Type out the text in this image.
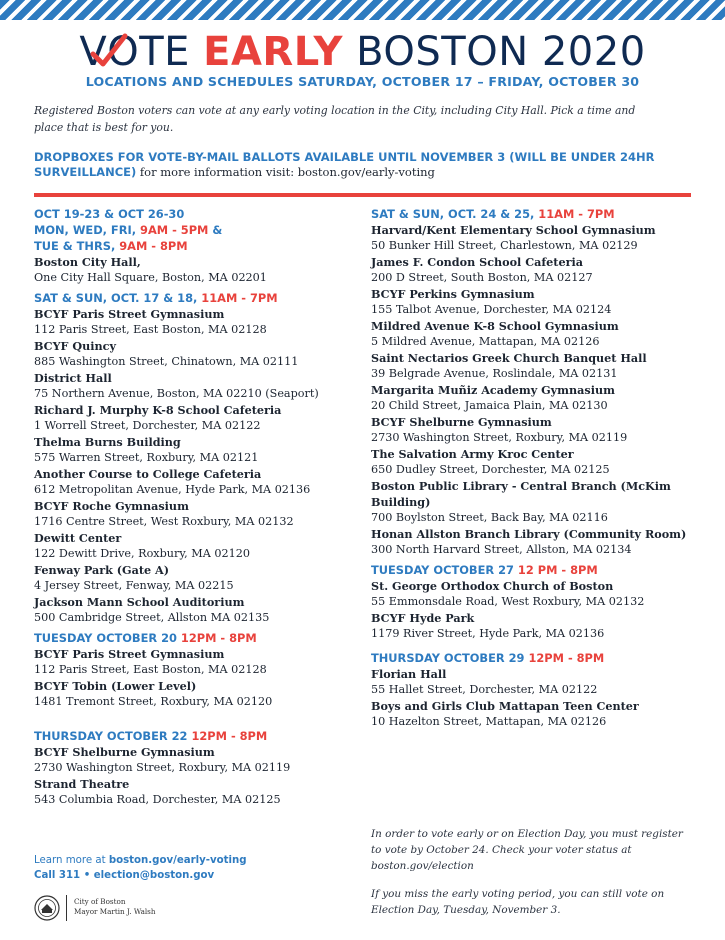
V
OTE EARLY BOSTON 2020
LOCATIONS AND SCHEDULES SATURDAY, OCTOBER 17 – FRIDAY, OCTOBER 30
Registered Boston voters can vote at any early voting location in the City, including City Hall. Pick a time and place that is best for you.
DROPBOXES FOR VOTE-BY-MAIL BALLOTS AVAILABLE UNTIL NOVEMBER 3 (WILL BE UNDER 24HR SURVEILLANCE) for more information visit: boston.gov/early-voting
OCT 19-23 & OCT 26-30
MON, WED, FRI, 9AM - 5PM &
TUE & THRS, 9AM - 8PM
Boston City Hall,
One City Hall Square, Boston, MA 02201
SAT & SUN, OCT. 17 & 18, 11AM - 7PM
BCYF Paris Street Gymnasium
112 Paris Street, East Boston, MA 02128
BCYF Quincy
885 Washington Street, Chinatown, MA 02111
District Hall
75 Northern Avenue, Boston, MA 02210 (Seaport)
Richard J. Murphy K-8 School Cafeteria
1 Worrell Street, Dorchester, MA 02122
Thelma Burns Building
575 Warren Street, Roxbury, MA 02121
Another Course to College Cafeteria
612 Metropolitan Avenue, Hyde Park, MA 02136
BCYF Roche Gymnasium
1716 Centre Street, West Roxbury, MA 02132
Dewitt Center
122 Dewitt Drive, Roxbury, MA 02120
Fenway Park (Gate A)
4 Jersey Street, Fenway, MA 02215
Jackson Mann School Auditorium
500 Cambridge Street, Allston MA 02135
TUESDAY OCTOBER 20 12PM - 8PM
BCYF Paris Street Gymnasium
112 Paris Street, East Boston, MA 02128
BCYF Tobin (Lower Level)
1481 Tremont Street, Roxbury, MA 02120
THURSDAY OCTOBER 22 12PM - 8PM
BCYF Shelburne Gymnasium
2730 Washington Street, Roxbury, MA 02119
Strand Theatre
543 Columbia Road, Dorchester, MA 02125
SAT & SUN, OCT. 24 & 25, 11AM - 7PM
Harvard/Kent Elementary School Gymnasium
50 Bunker Hill Street, Charlestown, MA 02129
James F. Condon School Cafeteria
200 D Street, South Boston, MA 02127
BCYF Perkins Gymnasium
155 Talbot Avenue, Dorchester, MA 02124
Mildred Avenue K-8 School Gymnasium
5 Mildred Avenue, Mattapan, MA 02126
Saint Nectarios Greek Church Banquet Hall
39 Belgrade Avenue, Roslindale, MA 02131
Margarita Muñiz Academy Gymnasium
20 Child Street, Jamaica Plain, MA 02130
BCYF Shelburne Gymnasium
2730 Washington Street, Roxbury, MA 02119
The Salvation Army Kroc Center
650 Dudley Street, Dorchester, MA 02125
Boston Public Library - Central Branch (McKim Building)
700 Boylston Street, Back Bay, MA 02116
Honan Allston Branch Library (Community Room)
300 North Harvard Street, Allston, MA 02134
TUESDAY OCTOBER 27 12 PM - 8PM
St. George Orthodox Church of Boston
55 Emmonsdale Road, West Roxbury, MA 02132
BCYF Hyde Park
1179 River Street, Hyde Park, MA 02136
THURSDAY OCTOBER 29 12PM - 8PM
Florian Hall
55 Hallet Street, Dorchester, MA 02122
Boys and Girls Club Mattapan Teen Center
10 Hazelton Street, Mattapan, MA 02126

In order to vote early or on Election Day, you must register to vote by October 24. Check your voter status at boston.gov/election

If you miss the early voting period, you can still vote on Election Day, Tuesday, November 3.

Learn more at boston.gov/early-voting
Call 311 • election@boston.gov
City of Boston
Mayor Martin J. Walsh
